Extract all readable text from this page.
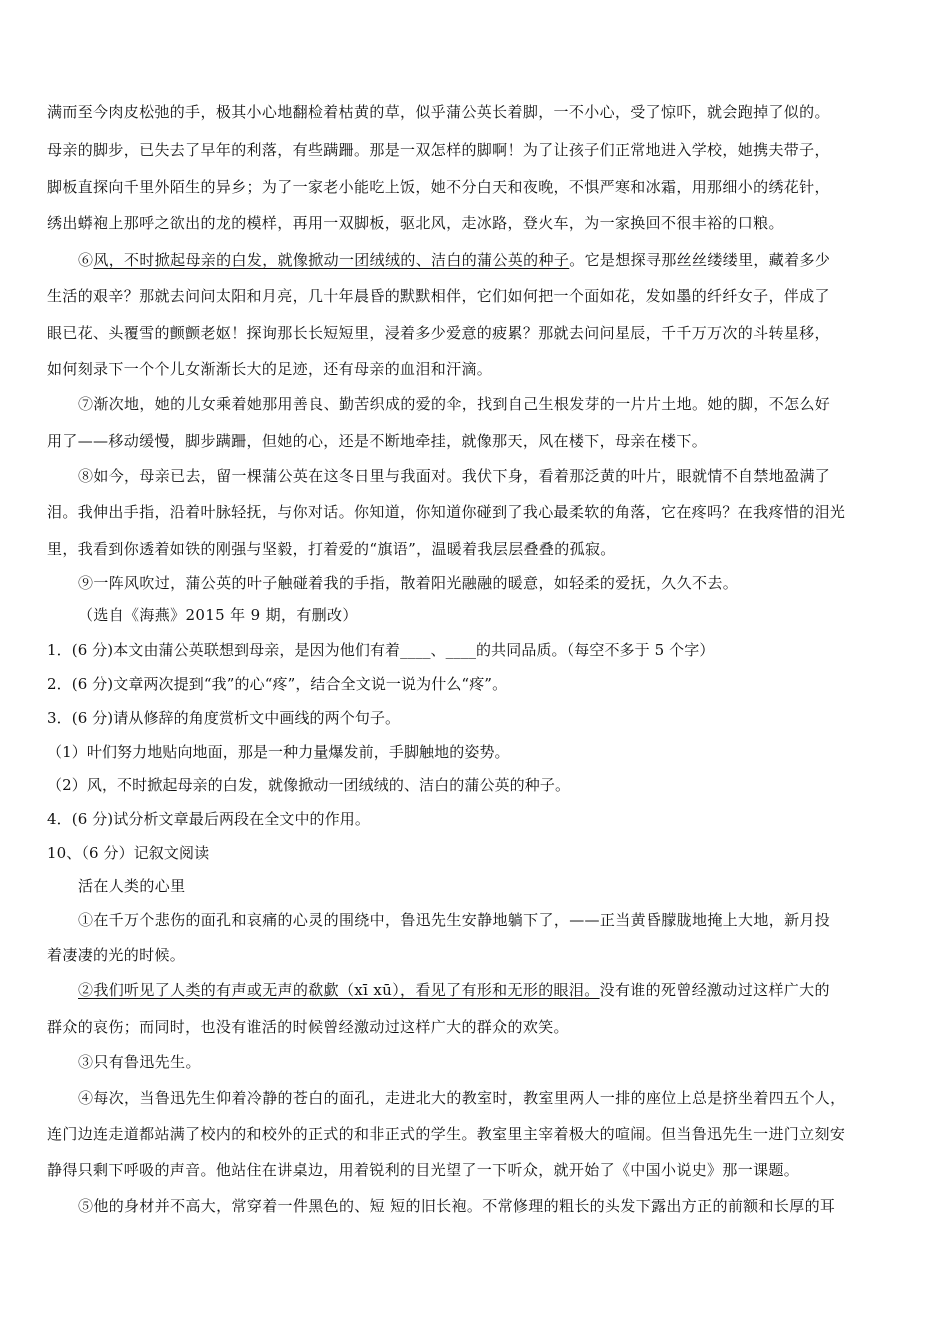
满而至今肉皮松弛的手，极其小心地翻检着枯黄的草，似乎蒲公英长着脚，一不小心，受了惊吓，就会跑掉了似的。
母亲的脚步，已失去了早年的利落，有些蹒跚。那是一双怎样的脚啊！为了让孩子们正常地进入学校，她携夫带子，
脚板直探向千里外陌生的异乡；为了一家老小能吃上饭，她不分白天和夜晚，不惧严寒和冰霜，用那细小的绣花针，
绣出蟒袍上那呼之欲出的龙的模样，再用一双脚板，驱北风，走冰路，登火车，为一家换回不很丰裕的口粮。
⑥风，不时掀起母亲的白发，就像掀动一团绒绒的、洁白的蒲公英的种子。它是想探寻那丝丝缕缕里，藏着多少
生活的艰辛？那就去问问太阳和月亮，几十年晨昏的默默相伴，它们如何把一个面如花，发如墨的纤纤女子，伴成了
眼已花、头覆雪的颤颤老妪！探询那长长短短里，浸着多少爱意的疲累？那就去问问星辰，千千万万次的斗转星移，
如何刻录下一个个儿女渐渐长大的足迹，还有母亲的血泪和汗滴。
⑦渐次地，她的儿女乘着她那用善良、勤苦织成的爱的伞，找到自己生根发芽的一片片土地。她的脚，不怎么好
用了——移动缓慢，脚步蹒跚，但她的心，还是不断地牵挂，就像那天，风在楼下，母亲在楼下。
⑧如今，母亲已去，留一棵蒲公英在这冬日里与我面对。我伏下身，看着那泛黄的叶片，眼就情不自禁地盈满了
泪。我伸出手指，沿着叶脉轻抚，与你对话。你知道，你知道你碰到了我心最柔软的角落，它在疼吗？在我疼惜的泪光
里，我看到你透着如铁的刚强与坚毅，打着爱的“旗语”，温暖着我层层叠叠的孤寂。
⑨一阵风吹过，蒲公英的叶子触碰着我的手指，散着阳光融融的暖意，如轻柔的爱抚，久久不去。
（选自《海燕》2015 年 9 期，有删改）
1．(6 分)本文由蒲公英联想到母亲，是因为他们有着____、____的共同品质。（每空不多于 5 个字）
2．(6 分)文章两次提到“我”的心“疼”，结合全文说一说为什么“疼”。
3．(6 分)请从修辞的角度赏析文中画线的两个句子。
（1）叶们努力地贴向地面，那是一种力量爆发前，手脚触地的姿势。
（2）风，不时掀起母亲的白发，就像掀动一团绒绒的、洁白的蒲公英的种子。
4．(6 分)试分析文章最后两段在全文中的作用。
10、（6 分）记叙文阅读
活在人类的心里
①在千万个悲伤的面孔和哀痛的心灵的围绕中，鲁迅先生安静地躺下了，——正当黄昏朦胧地掩上大地，新月投
着凄凄的光的时候。
②我们听见了人类的有声或无声的欷歔（xī xū），看见了有形和无形的眼泪。没有谁的死曾经激动过这样广大的
群众的哀伤；而同时，也没有谁活的时候曾经激动过这样广大的群众的欢笑。
③只有鲁迅先生。
④每次，当鲁迅先生仰着冷静的苍白的面孔，走进北大的教室时，教室里两人一排的座位上总是挤坐着四五个人，
连门边连走道都站满了校内的和校外的正式的和非正式的学生。教室里主宰着极大的喧闹。但当鲁迅先生一进门立刻安
静得只剩下呼吸的声音。他站住在讲桌边，用着锐利的目光望了一下听众，就开始了《中国小说史》那一课题。
⑤他的身材并不高大，常穿着一件黑色的、短 短的旧长袍。不常修理的粗长的头发下露出方正的前额和长厚的耳
